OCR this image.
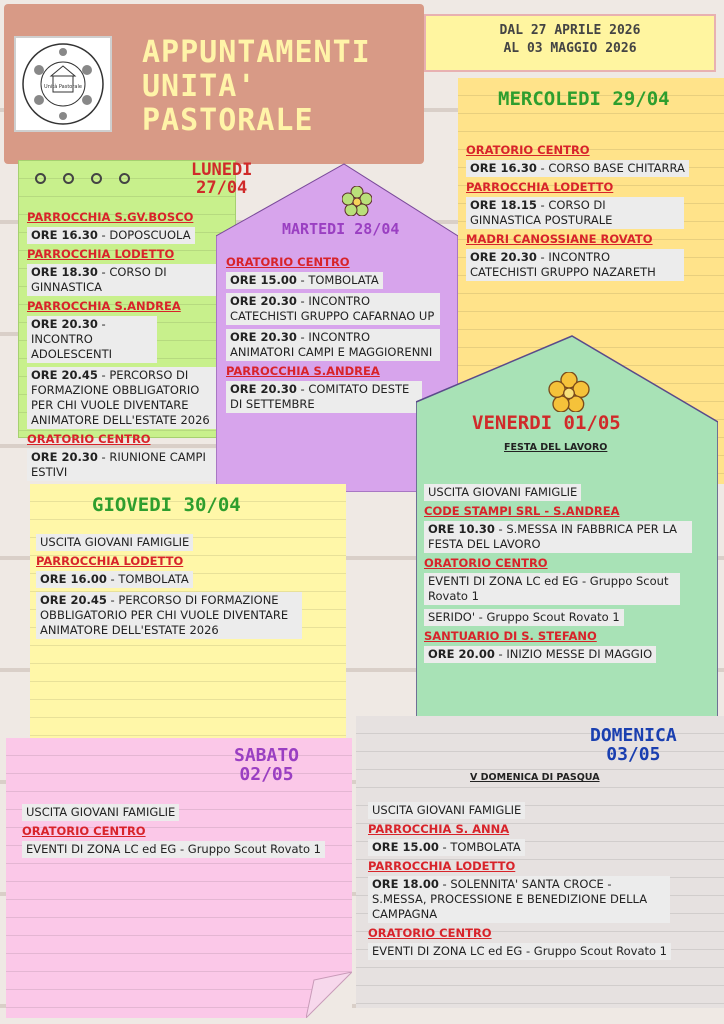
Unità Pastorale
APPUNTAMENTI
UNITA'
PASTORALE
DAL 27 APRILE 2026
AL 03 MAGGIO 2026
MERCOLEDI 29/04
ORATORIO CENTRO
ORE 16.30 - CORSO BASE CHITARRA
PARROCCHIA LODETTO
ORE 18.15 - CORSO DI GINNASTICA POSTURALE
MADRI CANOSSIANE ROVATO
ORE 20.30 - INCONTRO CATECHISTI GRUPPO NAZARETH
LUNEDI
27/04
PARROCCHIA S.GV.BOSCO
ORE 16.30 - DOPOSCUOLA
PARROCCHIA LODETTO
ORE 18.30 - CORSO DI GINNASTICA
PARROCCHIA S.ANDREA
ORE 20.30 - INCONTRO ADOLESCENTI
ORE 20.45 - PERCORSO DI FORMAZIONE OBBLIGATORIO PER CHI VUOLE DIVENTARE ANIMATORE DELL'ESTATE 2026
ORATORIO CENTRO
ORE 20.30 - RIUNIONE CAMPI ESTIVI
MARTEDI 28/04
ORATORIO CENTRO
ORE 15.00 - TOMBOLATA
ORE 20.30 - INCONTRO CATECHISTI GRUPPO CAFARNAO UP
ORE 20.30 - INCONTRO ANIMATORI CAMPI E MAGGIORENNI
PARROCCHIA S.ANDREA
ORE 20.30 - COMITATO DESTE DI SETTEMBRE
GIOVEDI 30/04
USCITA GIOVANI FAMIGLIE
PARROCCHIA LODETTO
ORE 16.00 - TOMBOLATA
ORE 20.45 - PERCORSO DI FORMAZIONE OBBLIGATORIO PER CHI VUOLE DIVENTARE ANIMATORE DELL'ESTATE 2026
VENERDI 01/05
FESTA DEL LAVORO
USCITA GIOVANI FAMIGLIE
CODE STAMPI SRL - S.ANDREA
ORE 10.30 - S.MESSA IN FABBRICA PER LA FESTA DEL LAVORO
ORATORIO CENTRO
EVENTI DI ZONA LC ed EG - Gruppo Scout Rovato 1
SERIDO' - Gruppo Scout Rovato 1
SANTUARIO DI S. STEFANO
ORE 20.00 - INIZIO MESSE DI MAGGIO
DOMENICA
03/05
V DOMENICA DI PASQUA
USCITA GIOVANI FAMIGLIE
PARROCCHIA S. ANNA
ORE 15.00 - TOMBOLATA
PARROCCHIA LODETTO
ORE 18.00 - SOLENNITA' SANTA CROCE - S.MESSA, PROCESSIONE E BENEDIZIONE DELLA CAMPAGNA
ORATORIO CENTRO
EVENTI DI ZONA LC ed EG - Gruppo Scout Rovato 1
SABATO
02/05
USCITA GIOVANI FAMIGLIE
ORATORIO CENTRO
EVENTI DI ZONA LC ed EG - Gruppo Scout Rovato 1
